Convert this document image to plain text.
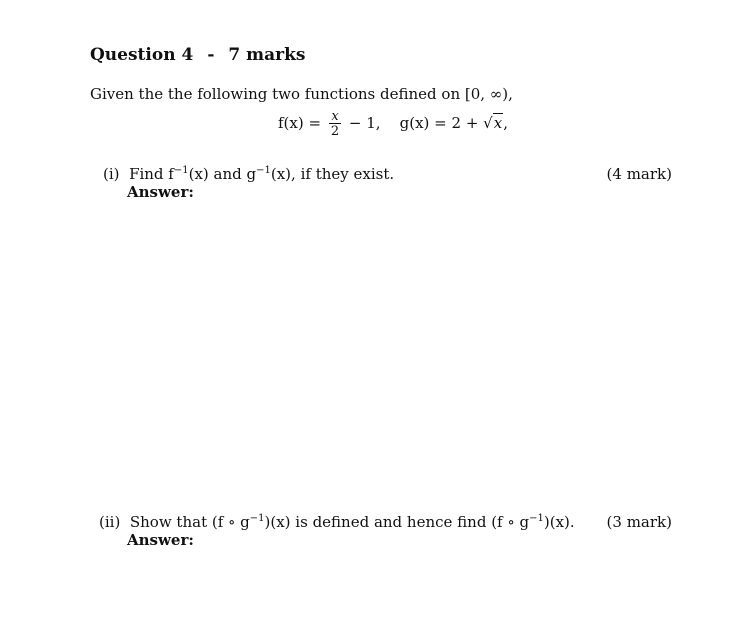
Question 4 - 7 marks
Given the the following two functions defined on [0, ∞),
$f(x) = \frac{x}{2} - 1$, g(x) = 2 + √x,
(i) Find $f^{-1}(x)$ and $g^{-1}(x)$, if they exist.	(4 mark)
Answer:
(ii) Show that (f ∘ $g^{-1})(x)$ is defined and hence find (f ∘ $g^{-1})(x)$. (3 mark)
Answer:
